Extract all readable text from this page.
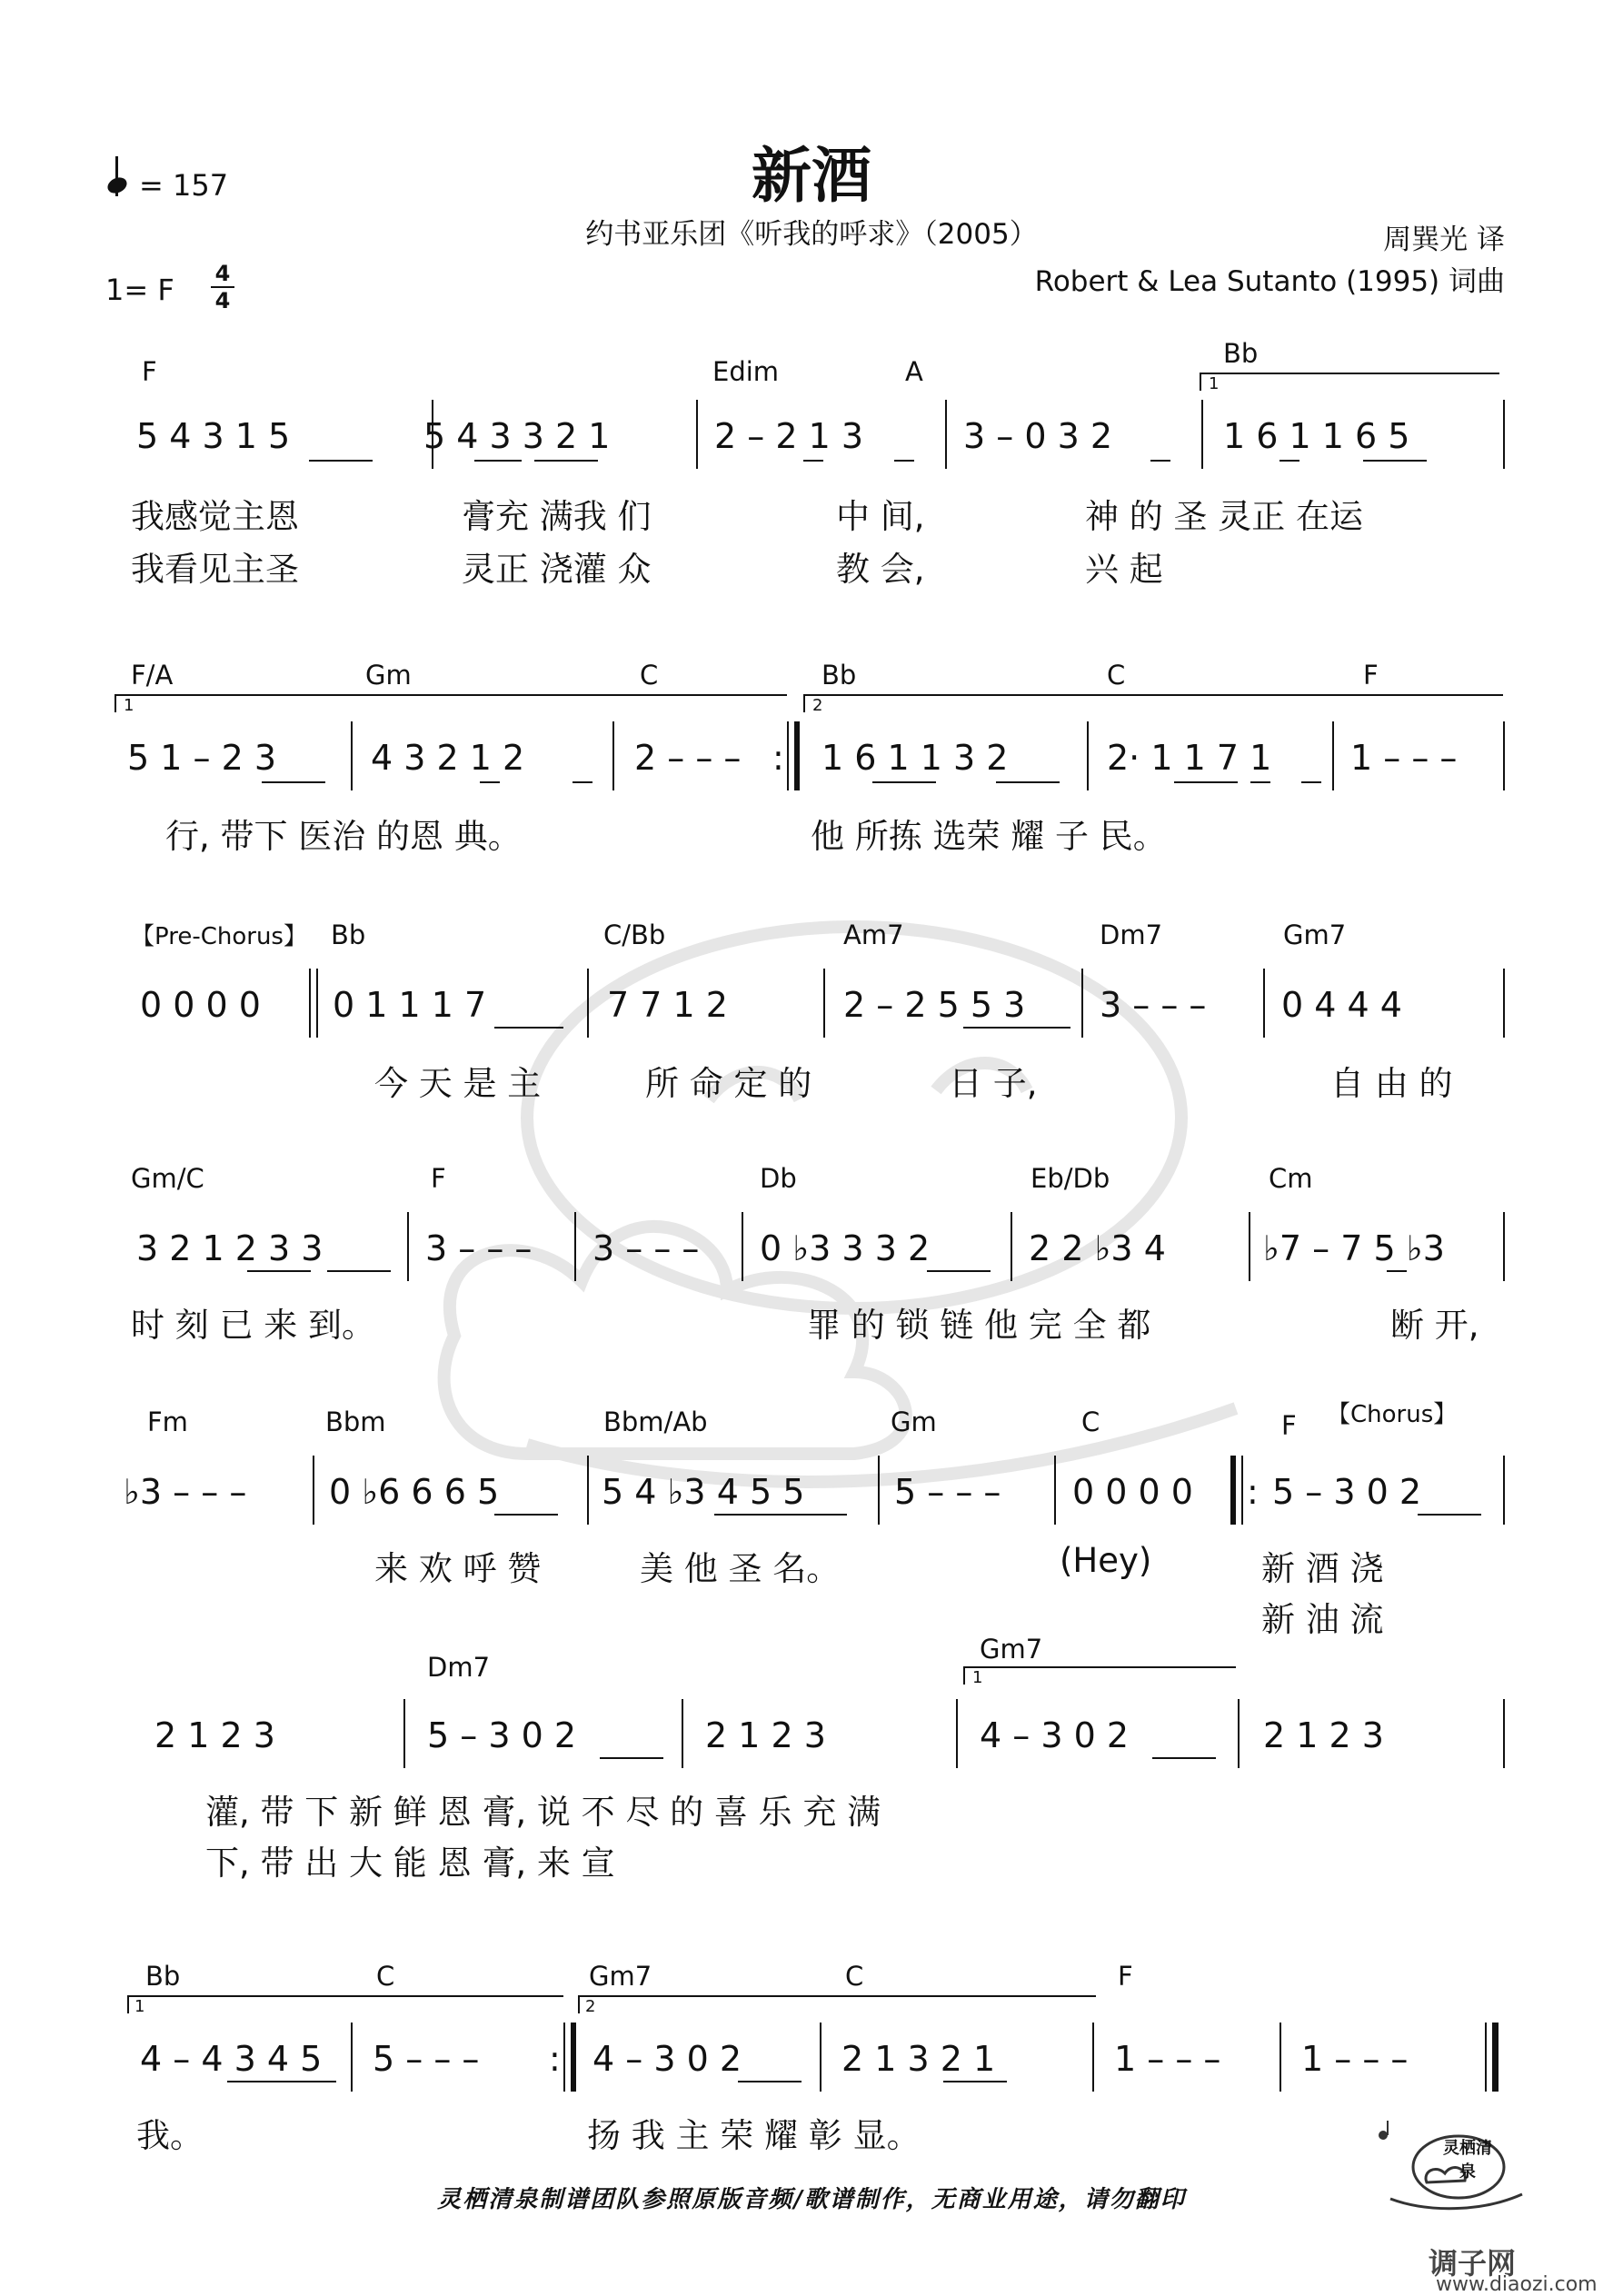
新酒
约书亚乐团《听我的呼求》（2005）
= 157
1= F 4
4
周巽光 译
Robert & Lea Sutanto (1995) 词曲
F	Edim	A
Bb
1
5 4 3 1 5	5 4 3 3 2 1	2 – 2 1 3	3 – 0 3 2	1 6 1 1 6 5
我感觉主恩	膏充 满我 们	中 间,	神 的 圣 灵正 在运
我看见主圣	灵正 浇灌 众	教 会,	兴 起
F/A	Gm	C	Bb	C	F
1	2
5 1 – 2 3	4 3 2 1 2	2 – – – : 1 6 1 1 3 2	2· 1 1 7 1 1 – – –
行, 带下 医治 的恩 典。	他 所拣 选荣 耀 子 民。
【Pre-Chorus】 Bb	C/Bb	Am7	Dm7	Gm7
0 0 0 0 0 1 1 1 7	7 7 1 2	2 – 2 5 5 3 3 – – – 0 4 4 4
今 天 是 主	所 命 定 的	日 子,	自 由 的
Gm/C	F	Db	Eb/Db	Cm
3 2 1 2 3 3	3 – – – 3 – – – 0 ♭3 3 3 2	2 2 ♭3 4	♭7 – 7 5 ♭3
时 刻 已 来 到。	罪 的 锁 链 他 完 全 都	断 开,
【Chorus】
Fm	Bbm	Bbm/Ab	Gm	C	F
♭3 – – – 0 ♭6 6 6 5	5 4 ♭3 4 5 5	5 – – – 0 0 0 0 : 5 – 3 0 2
来 欢 呼 赞	美 他 圣 名。	(Hey)	新 酒 浇
新 油 流
Dm7
Gm7
1
2 1 2 3	5 – 3 0 2	2 1 2 3	4 – 3 0 2	2 1 2 3
灌, 带 下 新 鲜 恩 膏, 说 不 尽 的 喜 乐 充 满
下, 带 出 大 能 恩 膏, 来 宣
Bb	C	Gm7	C	F
1	2
4 – 4 3 4 5 5 – – – : 4 – 3 0 2	2 1 3 2 1	1 – – – 1 – – –
我。	扬 我 主 荣 耀 彰 显。
灵栖清泉制谱团队参照原版音频/歌谱制作，无商业用途，请勿翻印
灵栖清泉
调子网
www.diaozi.com
